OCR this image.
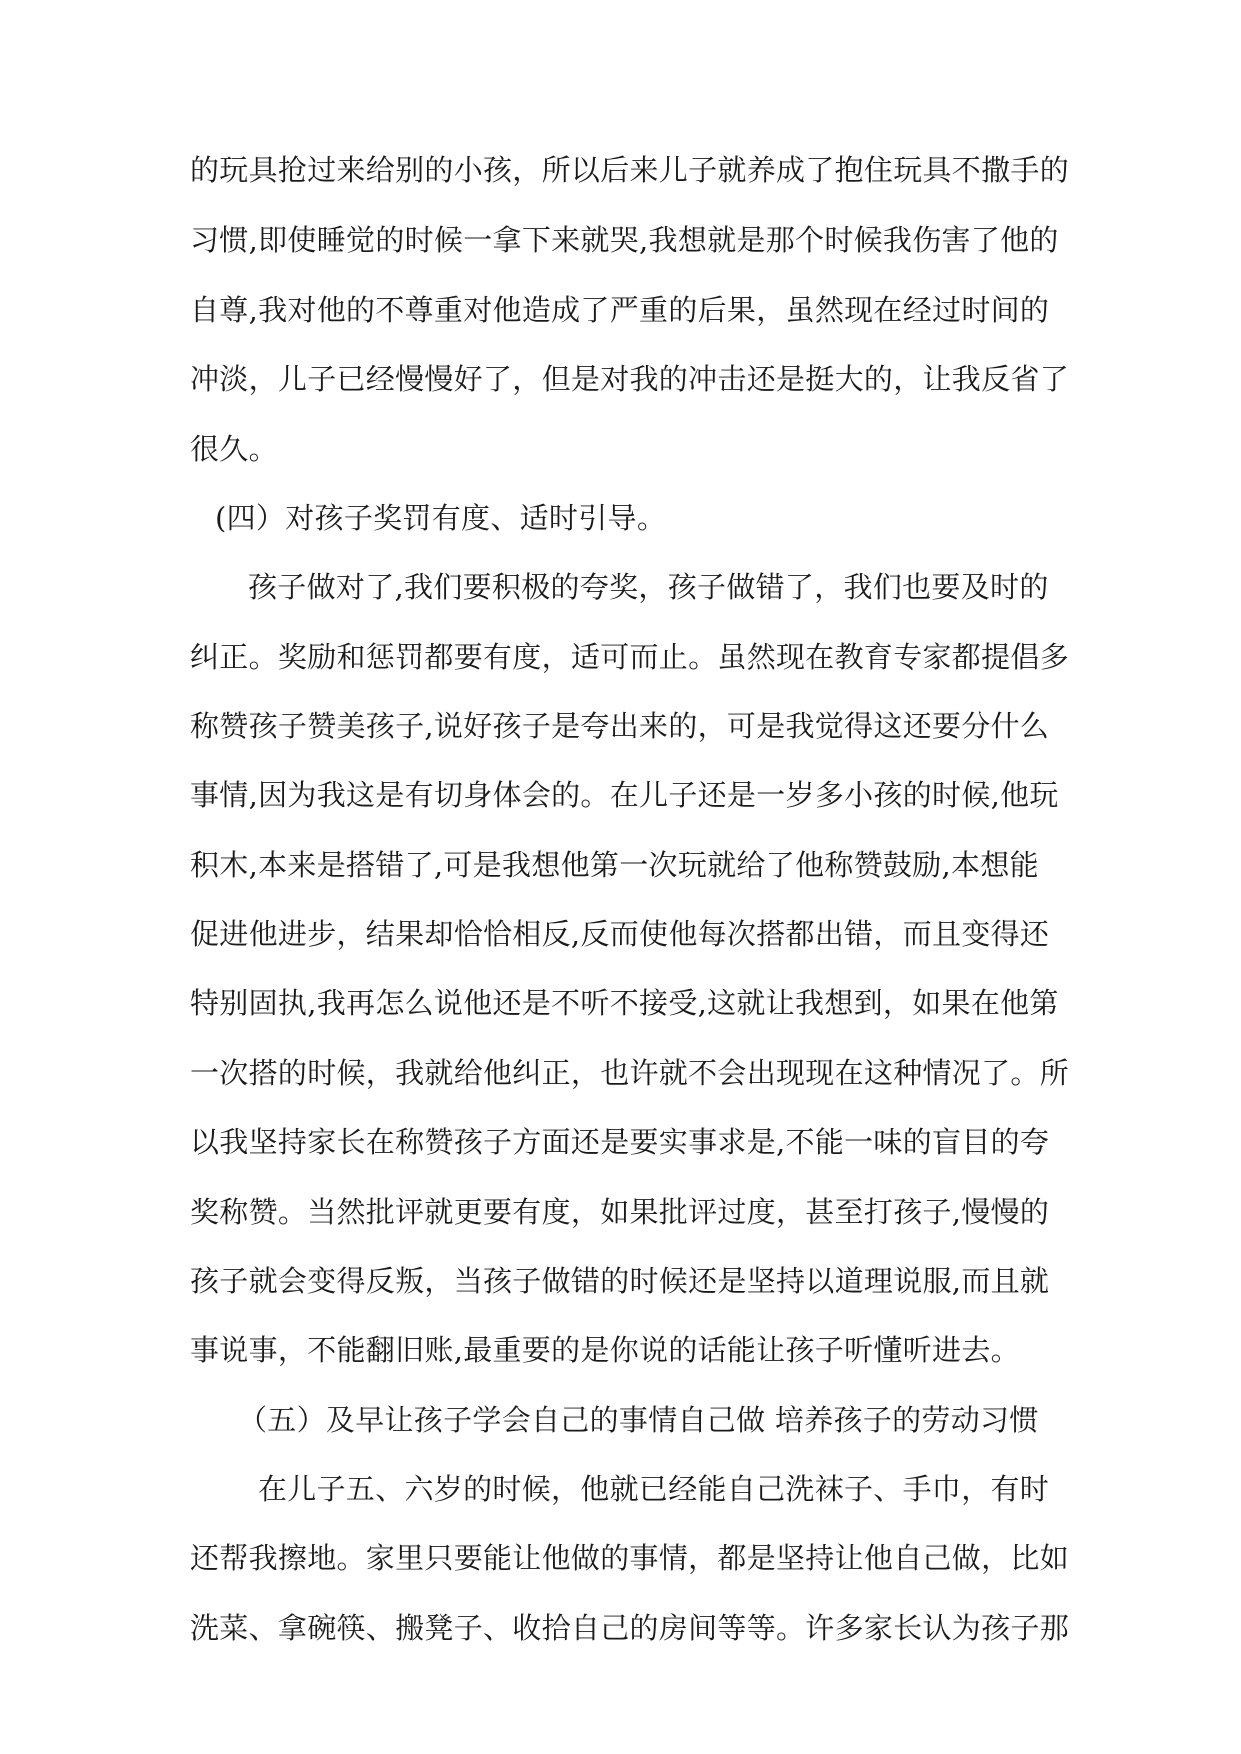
的玩具抢过来给别的小孩，所以后来儿子就养成了抱住玩具不撒手的
习惯,即使睡觉的时候一拿下来就哭,我想就是那个时候我伤害了他的
自尊,我对他的不尊重对他造成了严重的后果，虽然现在经过时间的
冲淡，儿子已经慢慢好了，但是对我的冲击还是挺大的，让我反省了
很久。
(四）对孩子奖罚有度、适时引导。
孩子做对了,我们要积极的夸奖，孩子做错了，我们也要及时的
纠正。奖励和惩罚都要有度，适可而止。虽然现在教育专家都提倡多
称赞孩子赞美孩子,说好孩子是夸出来的，可是我觉得这还要分什么
事情,因为我这是有切身体会的。在儿子还是一岁多小孩的时候,他玩
积木,本来是搭错了,可是我想他第一次玩就给了他称赞鼓励,本想能
促进他进步，结果却恰恰相反,反而使他每次搭都出错，而且变得还
特别固执,我再怎么说他还是不听不接受,这就让我想到，如果在他第
一次搭的时候，我就给他纠正，也许就不会出现现在这种情况了。所
以我坚持家长在称赞孩子方面还是要实事求是,不能一味的盲目的夸
奖称赞。当然批评就更要有度，如果批评过度，甚至打孩子,慢慢的
孩子就会变得反叛，当孩子做错的时候还是坚持以道理说服,而且就
事说事，不能翻旧账,最重要的是你说的话能让孩子听懂听进去。
（五）及早让孩子学会自己的事情自己做 培养孩子的劳动习惯
在儿子五、六岁的时候，他就已经能自己洗袜子、手巾，有时
还帮我擦地。家里只要能让他做的事情，都是坚持让他自己做，比如
洗菜、拿碗筷、搬凳子、收拾自己的房间等等。许多家长认为孩子那
